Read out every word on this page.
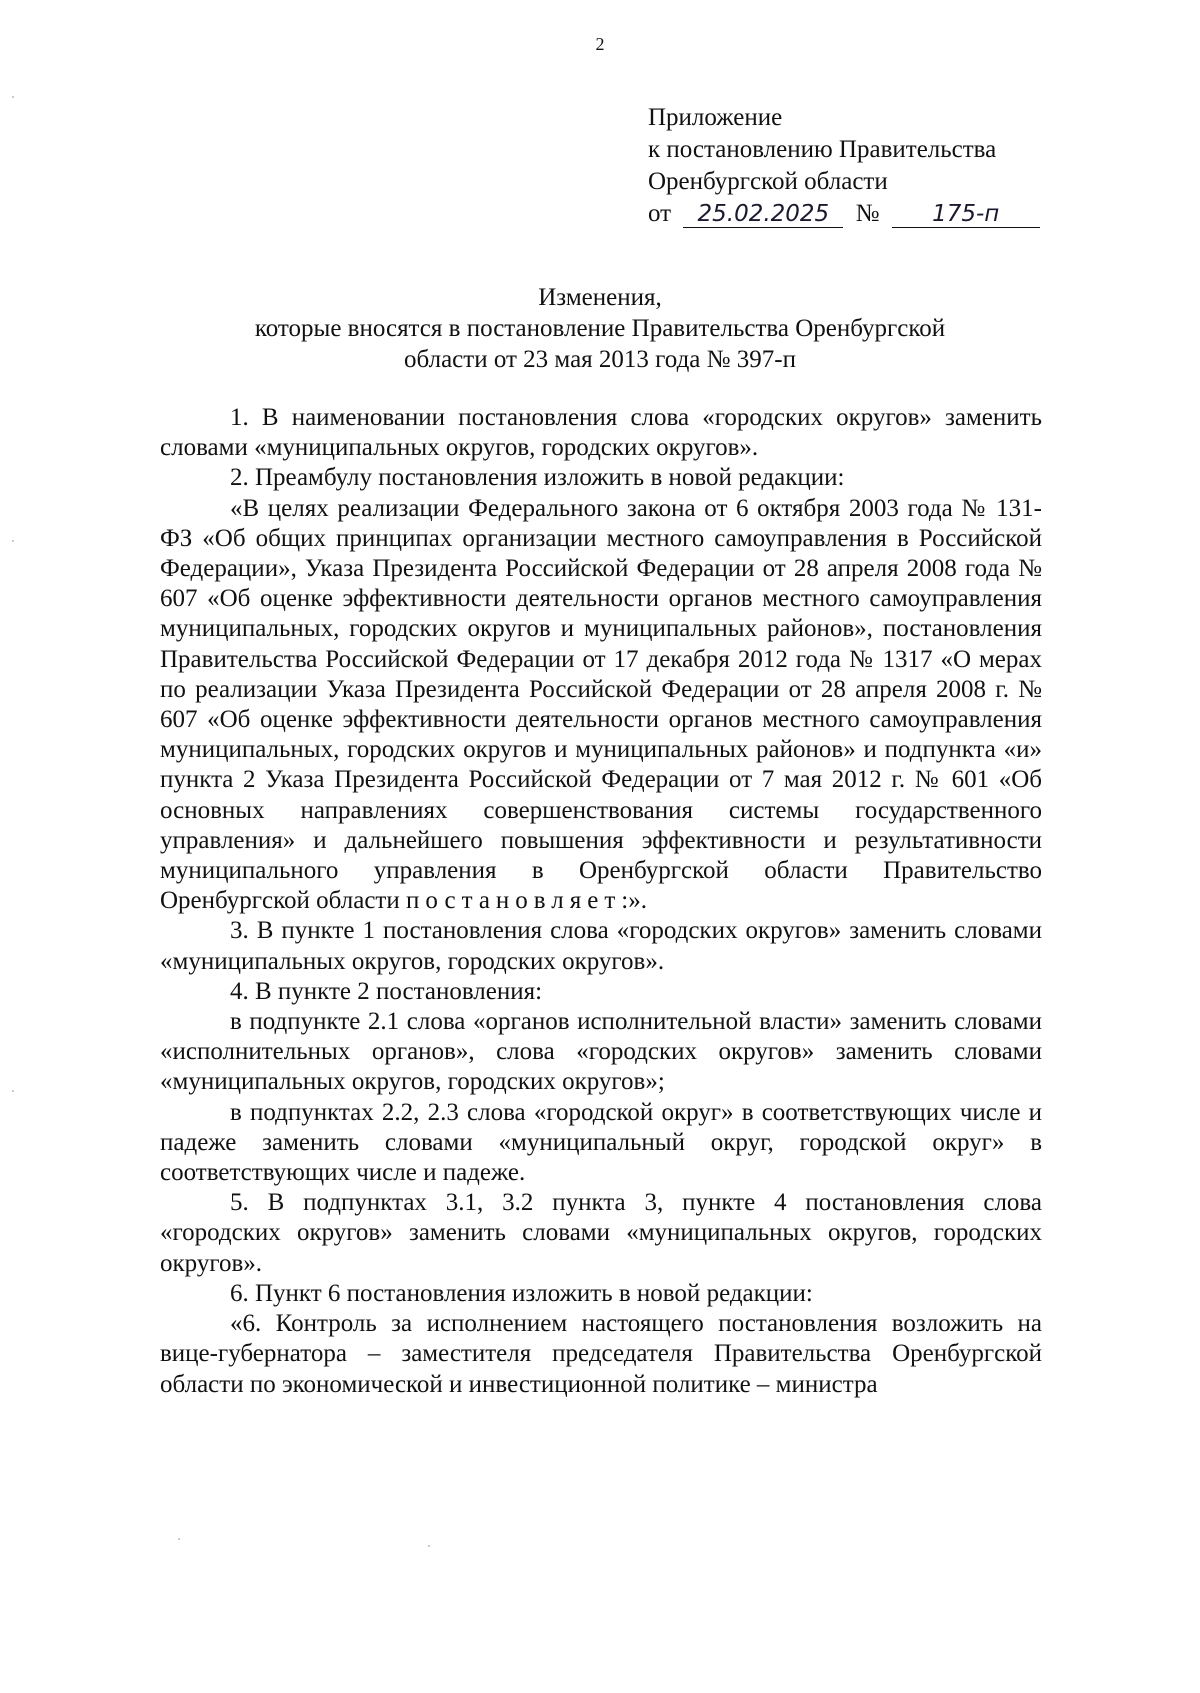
2
Приложение
к постановлению Правительства
Оренбургской области
от 25.02.2025 № 175-п
Изменения,
которые вносятся в постановление Правительства Оренбургской
области от 23 мая 2013 года № 397-п

1. В наименовании постановления слова «городских округов» заменить словами «муниципальных округов, городских округов».

2. Преамбулу постановления изложить в новой редакции:

«В целях реализации Федерального закона от 6 октября 2003 года № 131-ФЗ «Об общих принципах организации местного самоуправления в Российской Федерации», Указа Президента Российской Федерации от 28 апреля 2008 года № 607 «Об оценке эффективности деятельности органов местного самоуправления муниципальных, городских округов и муниципальных районов», постановления Правительства Российской Федерации от 17 декабря 2012 года № 1317 «О мерах по реализации Указа Президента Российской Федерации от 28 апреля 2008 г. № 607 «Об оценке эффективности деятельности органов местного самоуправления муниципальных, городских округов и муниципальных районов» и подпункта «и» пункта 2 Указа Президента Российской Федерации от 7 мая 2012 г. № 601 «Об основных направлениях совершенствования системы государственного управления» и дальнейшего повышения эффективности и результативности муниципального управления в Оренбургской области Правительство Оренбургской области постановляет:».

3. В пункте 1 постановления слова «городских округов» заменить словами «муниципальных округов, городских округов».

4. В пункте 2 постановления:

в подпункте 2.1 слова «органов исполнительной власти» заменить словами «исполнительных органов», слова «городских округов» заменить словами «муниципальных округов, городских округов»;

в подпунктах 2.2, 2.3 слова «городской округ» в соответствующих числе и падеже заменить словами «муниципальный округ, городской округ» в соответствующих числе и падеже.

5. В подпунктах 3.1, 3.2 пункта 3, пункте 4 постановления слова «городских округов» заменить словами «муниципальных округов, городских округов».

6. Пункт 6 постановления изложить в новой редакции:

«6. Контроль за исполнением настоящего постановления возложить на вице-губернатора – заместителя председателя Правительства Оренбургской области по экономической и инвестиционной политике – министра
